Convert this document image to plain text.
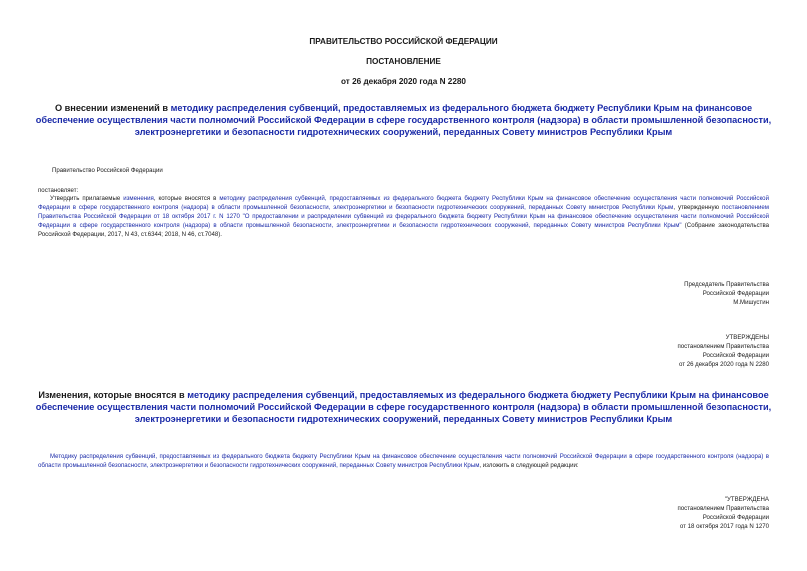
ПРАВИТЕЛЬСТВО РОССИЙСКОЙ ФЕДЕРАЦИИ
ПОСТАНОВЛЕНИЕ
от 26 декабря 2020 года N 2280
О внесении изменений в методику распределения субвенций, предоставляемых из федерального бюджета бюджету Республики Крым на финансовое обеспечение осуществления части полномочий Российской Федерации в сфере государственного контроля (надзора) в области промышленной безопасности, электроэнергетики и безопасности гидротехнических сооружений, переданных Совету министров Республики Крым
Правительство Российской Федерации
постановляет:
Утвердить прилагаемые изменения, которые вносятся в методику распределения субвенций, предоставляемых из федерального бюджета бюджету Республики Крым на финансовое обеспечение осуществления части полномочий Российской Федерации в сфере государственного контроля (надзора) в области промышленной безопасности, электроэнергетики и безопасности гидротехнических сооружений, переданных Совету министров Республики Крым, утвержденную постановлением Правительства Российской Федерации от 18 октября 2017 г. N 1270 "О предоставлении и распределении субвенций из федерального бюджета бюджету Республики Крым на финансовое обеспечение осуществления части полномочий Российской Федерации в сфере государственного контроля (надзора) в области промышленной безопасности, электроэнергетики и безопасности гидротехнических сооружений, переданных Совету министров Республики Крым" (Собрание законодательства Российской Федерации, 2017, N 43, ст.6344; 2018, N 46, ст.7048).
Председатель Правительства
Российской Федерации
М.Мишустин
УТВЕРЖДЕНЫ
постановлением Правительства
Российской Федерации
от 26 декабря 2020 года N 2280
Изменения, которые вносятся в методику распределения субвенций, предоставляемых из федерального бюджета бюджету Республики Крым на финансовое обеспечение осуществления части полномочий Российской Федерации в сфере государственного контроля (надзора) в области промышленной безопасности, электроэнергетики и безопасности гидротехнических сооружений, переданных Совету министров Республики Крым
Методику распределения субвенций, предоставляемых из федерального бюджета бюджету Республики Крым на финансовое обеспечение осуществления части полномочий Российской Федерации в сфере государственного контроля (надзора) в области промышленной безопасности, электроэнергетики и безопасности гидротехнических сооружений, переданных Совету министров Республики Крым, изложить в следующей редакции:
"УТВЕРЖДЕНА
постановлением Правительства
Российской Федерации
от 18 октября 2017 года N 1270
